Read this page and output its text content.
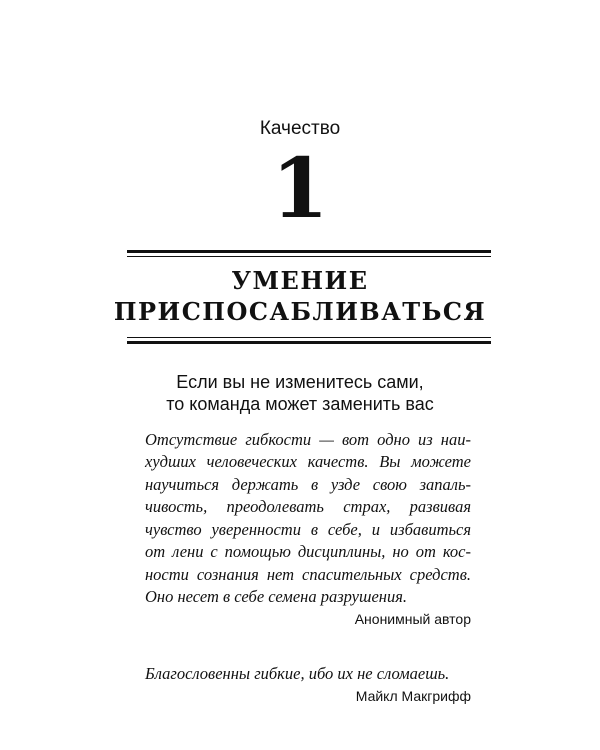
Качество
1
УМЕНИЕ
ПРИСПОСАБЛИВАТЬСЯ
Если вы не изменитесь сами,
то команда может заменить вас
Отсутствие гибкости — вот одно из наи-
худших человеческих качеств. Вы можете
научиться держать в узде свою запаль-
чивость, преодолевать страх, развивая
чувство уверенности в себе, и избавиться
от лени с помощью дисциплины, но от кос-
ности сознания нет спасительных средств.
Оно несет в себе семена разрушения.
Анонимный автор
Благословенны гибкие, ибо их не сломаешь.
Майкл Макгрифф
